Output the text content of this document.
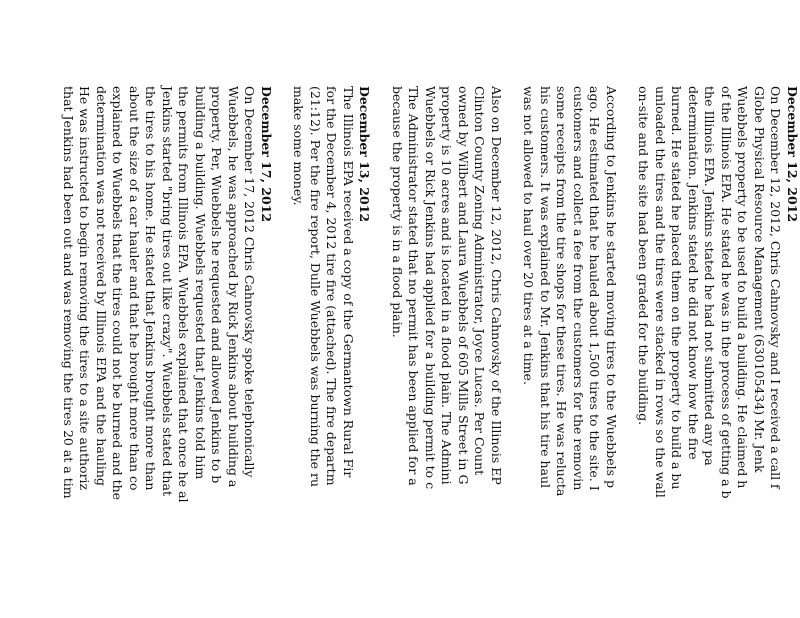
December 12, 2012

On December 12, 2012, Chris Cahnovsky and I received a call f
Globe Physical Resource Management (630105434) Mr. Jenk
Wuebbels property to be used to build a building. He claimed h
of the Illinois EPA. He stated he was in the process of getting a b
the Illinois EPA. Jenkins stated he had not submitted any pa
determination. Jenkins stated he did not know how the fire
burned. He stated he placed them on the property to build a bu
unloaded the tires and the tires were stacked in rows so the wall
on-site and the site had been graded for the building.

According to Jenkins he started moving tires to the Wuebbels p
ago. He estimated that he hauled about 1,500 tires to the site. I
customers and collect a fee from the customers for the removin
some receipts from the tire shops for these tires. He was relucta
his customers. It was explained to Mr. Jenkins that his tire haul
was not allowed to haul over 20 tires at a time.

Also on December 12, 2012, Chris Cahnovsky of the Illinois EP
Clinton County Zoning Administrator, Joyce Lucas. Per Count
owned by Wilbert and Laura Wuebbels of 605 Mills Street in G
property is 10 acres and is located in a flood plain. The Admini
Wuebbels or Rick Jenkins had applied for a building permit to c
The Administrator stated that no permit has been applied for a
because the property is in a flood plain.

December 13, 2012

The Illinois EPA received a copy of the Germantown Rural Fir
for the December 4, 2012 tire fire (attached). The fire departm
(21:12). Per the fire report, Dulle Wuebbels was burning the ru
make some money.

December 17, 2012

On December 17, 2012 Chris Cahnovsky spoke telephonically
Wuebbels, he was approached by Rick Jenkins about building a
property. Per, Wuebbels he requested and allowed Jenkins to b
building a building. Wuebbels requested that Jenkins told him
the permits from Illinois EPA. Wuebbels explained that once he al
Jenkins started "bring tires out like crazy". Wuebbels stated that
the tires to his home. He stated that Jenkins brought more than
about the size of a car hauler and that he brought more than co
explained to Wuebbels that the tires could not be burned and the
determination was not received by Illinois EPA and the hauling
He was instructed to begin removing the tires to a site authoriz
that Jenkins had been out and was removing the tires 20 at a tim
